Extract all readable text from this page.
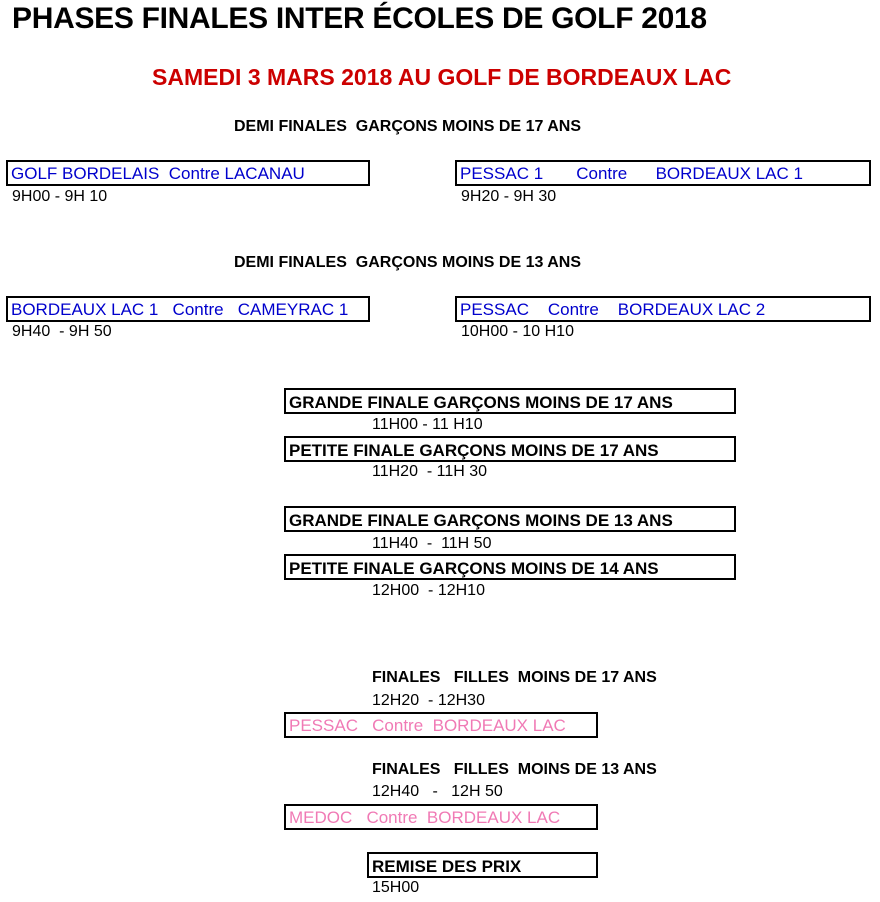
PHASES FINALES INTER ÉCOLES DE GOLF 2018
SAMEDI 3 MARS 2018 AU GOLF DE BORDEAUX LAC
DEMI FINALES  GARÇONS MOINS DE 17 ANS
GOLF BORDELAIS  Contre LACANAU
9H00 - 9H 10
PESSAC 1       Contre      BORDEAUX LAC 1
9H20 - 9H 30
DEMI FINALES  GARÇONS MOINS DE 13 ANS
BORDEAUX LAC 1   Contre   CAMEYRAC 1
9H40  - 9H 50
PESSAC    Contre    BORDEAUX LAC 2
10H00 - 10 H10
GRANDE FINALE GARÇONS MOINS DE 17 ANS
11H00 - 11 H10
PETITE FINALE GARÇONS MOINS DE 17 ANS
11H20  - 11H 30
GRANDE FINALE GARÇONS MOINS DE 13 ANS
11H40  -  11H 50
PETITE FINALE GARÇONS MOINS DE 14 ANS
12H00  - 12H10
FINALES   FILLES  MOINS DE 17 ANS
12H20  - 12H30
PESSAC   Contre  BORDEAUX LAC
FINALES   FILLES  MOINS DE 13 ANS
12H40   -   12H 50
MEDOC   Contre  BORDEAUX LAC
REMISE DES PRIX
15H00
